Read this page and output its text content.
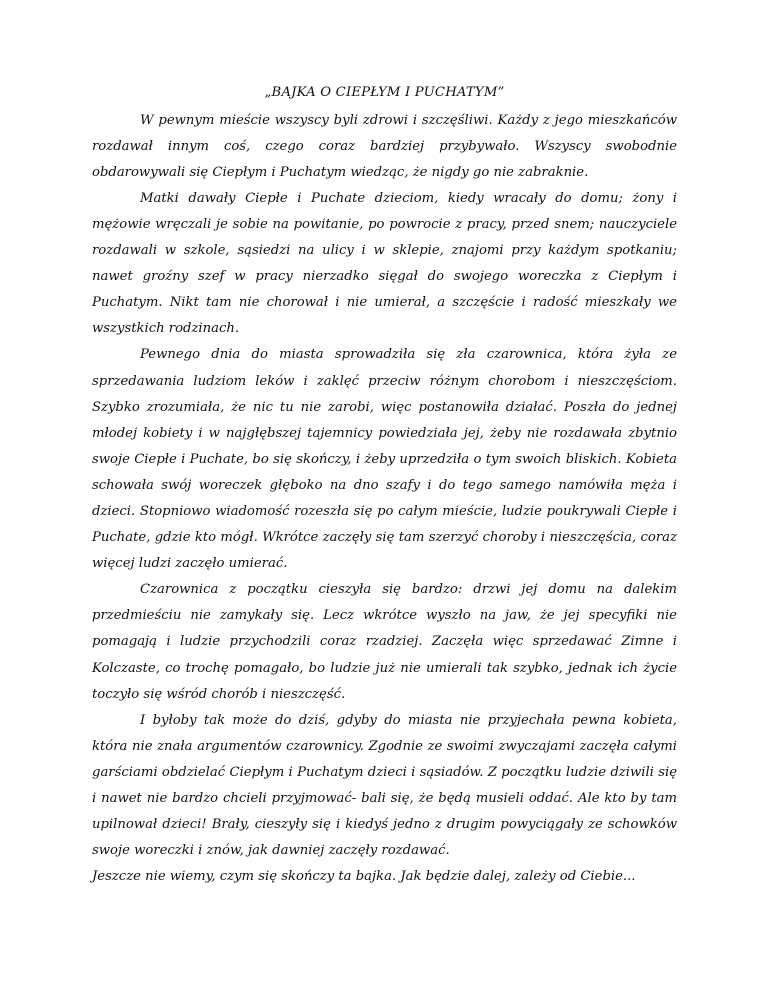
„BAJKA O CIEPŁYM I PUCHATYM”

W pewnym mieście wszyscy byli zdrowi i szczęśliwi. Każdy z jego mieszkańców rozdawał innym coś, czego coraz bardziej przybywało. Wszyscy swobodnie obdarowywali się Ciepłym i Puchatym wiedząc, że nigdy go nie zabraknie.

Matki dawały Ciepłe i Puchate dzieciom, kiedy wracały do domu; żony i mężowie wręczali je sobie na powitanie, po powrocie z pracy, przed snem; nauczyciele rozdawali w szkole, sąsiedzi na ulicy i w sklepie, znajomi przy każdym spotkaniu; nawet groźny szef w pracy nierzadko sięgał do swojego woreczka z Ciepłym i Puchatym. Nikt tam nie chorował i nie umierał, a szczęście i radość mieszkały we wszystkich rodzinach.

Pewnego dnia do miasta sprowadziła się zła czarownica, która żyła ze sprzedawania ludziom leków i zaklęć przeciw różnym chorobom i nieszczęściom. Szybko zrozumiała, że nic tu nie zarobi, więc postanowiła działać. Poszła do jednej młodej kobiety i w najgłębszej tajemnicy powiedziała jej, żeby nie rozdawała zbytnio swoje Ciepłe i Puchate, bo się skończy, i żeby uprzedziła o tym swoich bliskich. Kobieta schowała swój woreczek głęboko na dno szafy i do tego samego namówiła męża i dzieci. Stopniowo wiadomość rozeszła się po całym mieście, ludzie poukrywali Ciepłe i Puchate, gdzie kto mógł. Wkrótce zaczęły się tam szerzyć choroby i nieszczęścia, coraz więcej ludzi zaczęło umierać.

Czarownica z początku cieszyła się bardzo: drzwi jej domu na dalekim przedmieściu nie zamykały się. Lecz wkrótce wyszło na jaw, że jej specyfiki nie pomagają i ludzie przychodzili coraz rzadziej. Zaczęła więc sprzedawać Zimne i Kolczaste, co trochę pomagało, bo ludzie już nie umierali tak szybko, jednak ich życie toczyło się wśród chorób i nieszczęść.

I byłoby tak może do dziś, gdyby do miasta nie przyjechała pewna kobieta, która nie znała argumentów czarownicy. Zgodnie ze swoimi zwyczajami zaczęła całymi garściami obdzielać Ciepłym i Puchatym dzieci i sąsiadów. Z początku ludzie dziwili się i nawet nie bardzo chcieli przyjmować- bali się, że będą musieli oddać. Ale kto by tam upilnował dzieci! Brały, cieszyły się i kiedyś jedno z drugim powyciągały ze schowków swoje woreczki i znów, jak dawniej zaczęły rozdawać.

Jeszcze nie wiemy, czym się skończy ta bajka. Jak będzie dalej, zależy od Ciebie...
